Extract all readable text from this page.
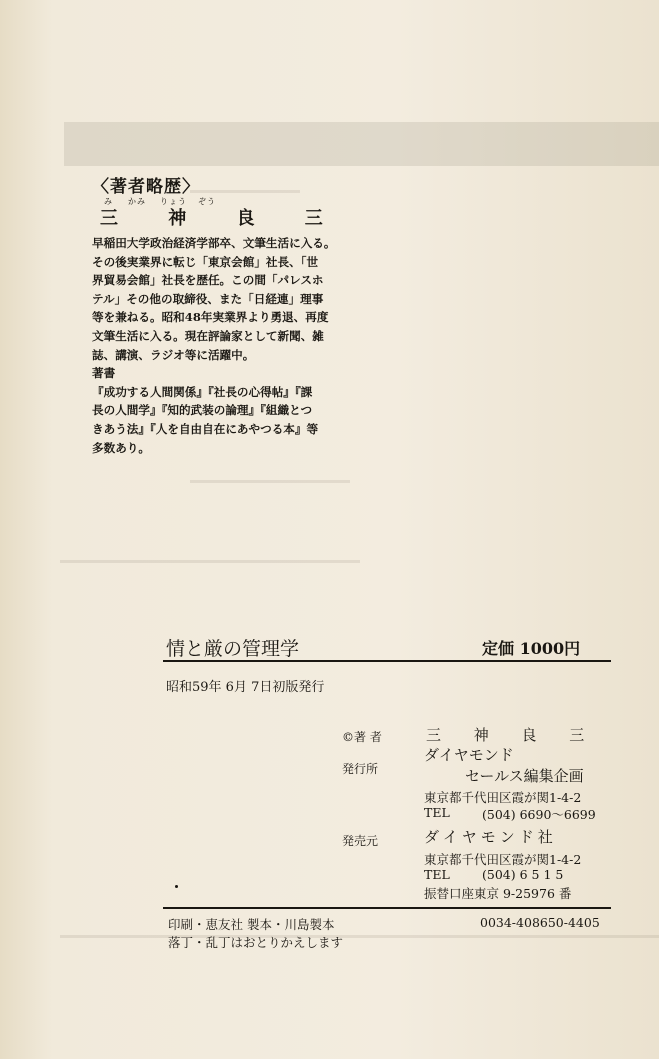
〈著者略歴〉
み かみ りょう ぞう
三 神 良 三

早稲田大学政治経済学部卒、文筆生活に入る。

その後実業界に転じ「東京会館」社長、「世

界貿易会館」社長を歴任。この間「パレスホ

テル」その他の取締役、また「日経連」理事

等を兼ねる。昭和48年実業界より勇退、再度

文筆生活に入る。現在評論家として新聞、雑

誌、講演、ラジオ等に活躍中。

著書

『成功する人間関係』『社長の心得帖』『課

長の人間学』『知的武装の論理』『組織とつ

きあう法』『人を自由自在にあやつる本』等

多数あり。

情と厳の管理学	定価 1000円
昭和59年 6月 7日初版発行
©著 者	三 神 良 三
発行所
ダイヤモンド
セールス編集企画
東京都千代田区霞が関1-4-2
TEL	(504) 6690～6699
発売元	ダイヤモンド社
東京都千代田区霞が関1-4-2
TEL	(504) 6 5 1 5
振替口座東京 9-25976 番
印刷・恵友社 製本・川島製本
落丁・乱丁はおとりかえします
0034-408650-4405
